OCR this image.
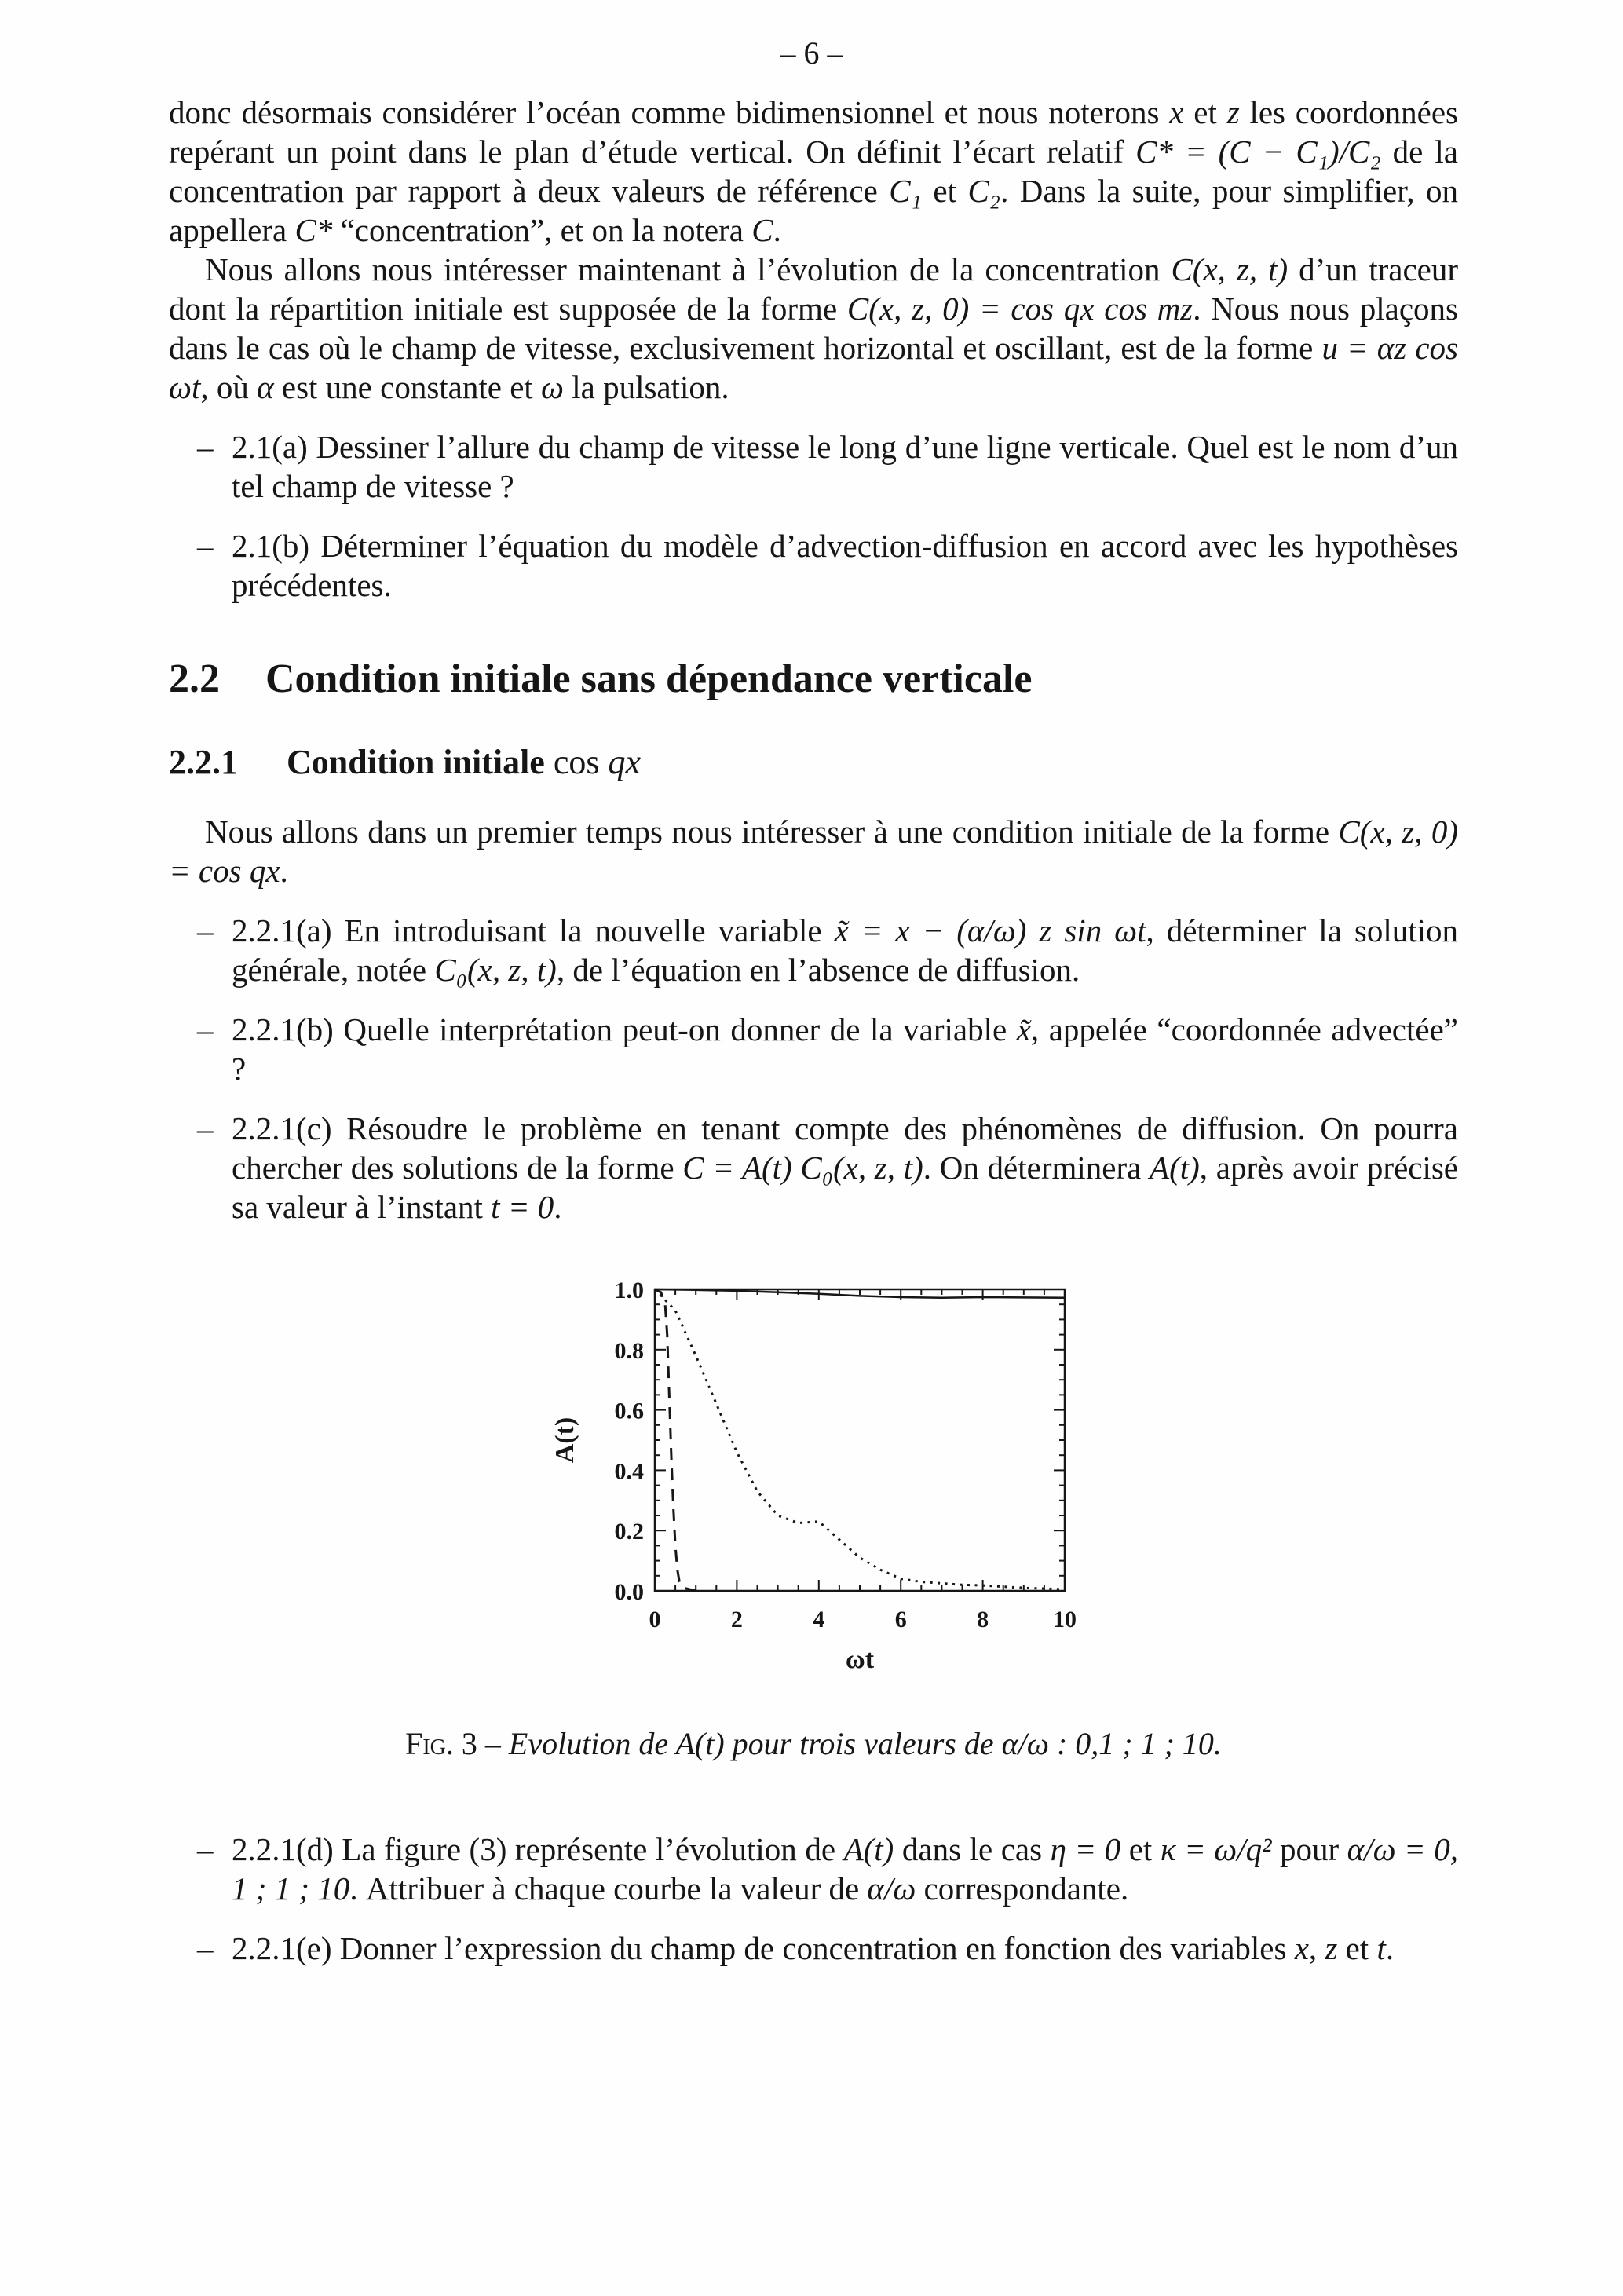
– 6 –

donc désormais considérer l’océan comme bidimensionnel et nous noterons x et z les coordonnées repérant un point dans le plan d’étude vertical. On définit l’écart relatif C* = (C − C₁)/C₂ de la concentration par rapport à deux valeurs de référence C₁ et C₂. Dans la suite, pour simplifier, on appellera C* “concentration”, et on la notera C.

Nous allons nous intéresser maintenant à l’évolution de la concentration C(x, z, t) d’un traceur dont la répartition initiale est supposée de la forme C(x, z, 0) = cos qx cos mz. Nous nous plaçons dans le cas où le champ de vitesse, exclusivement horizontal et oscillant, est de la forme u = αz cos ωt, où α est une constante et ω la pulsation.

– 2.1(a) Dessiner l’allure du champ de vitesse le long d’une ligne verticale. Quel est le nom d’un tel champ de vitesse ?
– 2.1(b) Déterminer l’équation du modèle d’advection-diffusion en accord avec les hypothèses précédentes.
2.2 Condition initiale sans dépendance verticale
2.2.1 Condition initiale cos qx

Nous allons dans un premier temps nous intéresser à une condition initiale de la forme C(x, z, 0) = cos qx.

– 2.2.1(a) En introduisant la nouvelle variable x̃ = x − (α/ω) z sin ωt, déterminer la solution générale, notée C₀(x, z, t), de l’équation en l’absence de diffusion.
– 2.2.1(b) Quelle interprétation peut-on donner de la variable x̃, appelée “coordonnée advectée” ?
– 2.2.1(c) Résoudre le problème en tenant compte des phénomènes de diffusion. On pourra chercher des solutions de la forme C = A(t) C₀(x, z, t). On déterminera A(t), après avoir précisé sa valeur à l’instant t = 0.
0	2	4	6	8	10
0.0
0.2
0.4
0.6
0.8
1.0
ωt
A(t)
Fig. 3 – Evolution de A(t) pour trois valeurs de α/ω : 0,1 ; 1 ; 10.
– 2.2.1(d) La figure (3) représente l’évolution de A(t) dans le cas η = 0 et κ = ω/q² pour α/ω = 0, 1 ; 1 ; 10. Attribuer à chaque courbe la valeur de α/ω correspondante.
– 2.2.1(e) Donner l’expression du champ de concentration en fonction des variables x, z et t.
